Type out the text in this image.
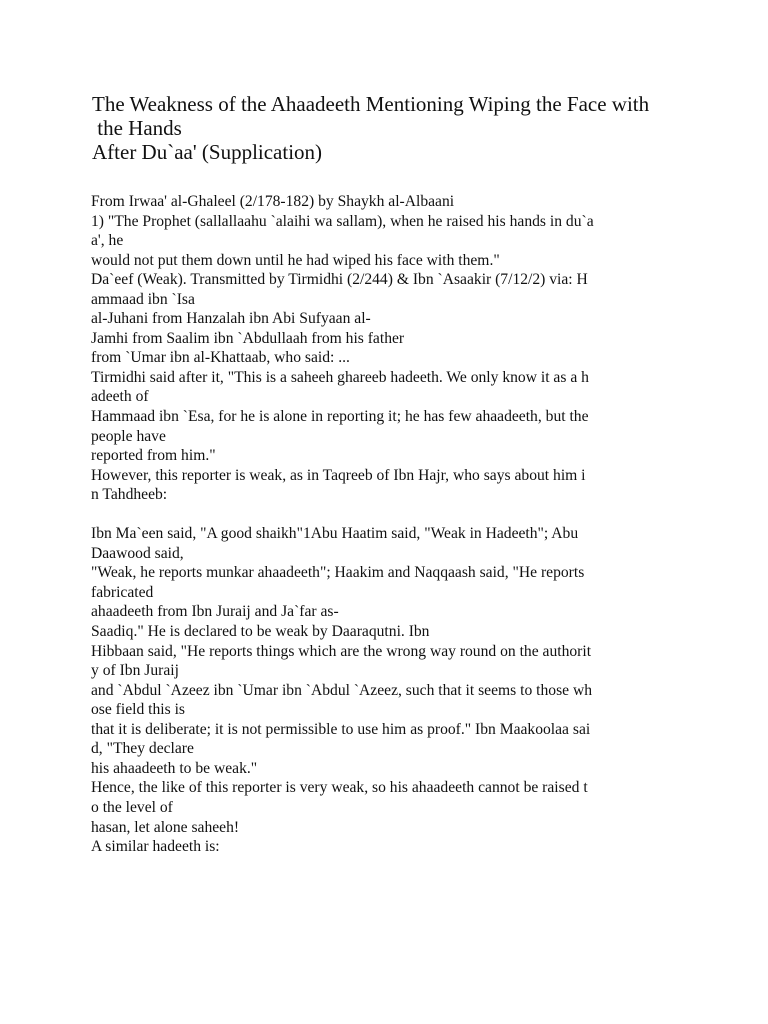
The Weakness of the Ahaadeeth Mentioning Wiping the Face with
the Hands
After Du`aa' (Supplication)
From Irwaa' al-Ghaleel (2/178-182) by Shaykh al-Albaani
1) "The Prophet (sallallaahu `alaihi wa sallam), when he raised his hands in du`a
a', he
would not put them down until he had wiped his face with them."
Da`eef (Weak). Transmitted by Tirmidhi (2/244) & Ibn `Asaakir (7/12/2) via: H
ammaad ibn `Isa
al-Juhani from Hanzalah ibn Abi Sufyaan al-
Jamhi from Saalim ibn `Abdullaah from his father
from `Umar ibn al-Khattaab, who said: ...
Tirmidhi said after it, "This is a saheeh ghareeb hadeeth. We only know it as a h
adeeth of
Hammaad ibn `Esa, for he is alone in reporting it; he has few ahaadeeth, but the
people have
reported from him."
However, this reporter is weak, as in Taqreeb of Ibn Hajr, who says about him i
n Tahdheeb:
Ibn Ma`een said, "A good shaikh"1Abu Haatim said, "Weak in Hadeeth"; Abu
Daawood said,
"Weak, he reports munkar ahaadeeth"; Haakim and Naqqaash said, "He reports
fabricated
ahaadeeth from Ibn Juraij and Ja`far as-
Saadiq." He is declared to be weak by Daaraqutni. Ibn
Hibbaan said, "He reports things which are the wrong way round on the authorit
y of Ibn Juraij
and `Abdul `Azeez ibn `Umar ibn `Abdul `Azeez, such that it seems to those wh
ose field this is
that it is deliberate; it is not permissible to use him as proof." Ibn Maakoolaa sai
d, "They declare
his ahaadeeth to be weak."
Hence, the like of this reporter is very weak, so his ahaadeeth cannot be raised t
o the level of
hasan, let alone saheeh!
A similar hadeeth is:
